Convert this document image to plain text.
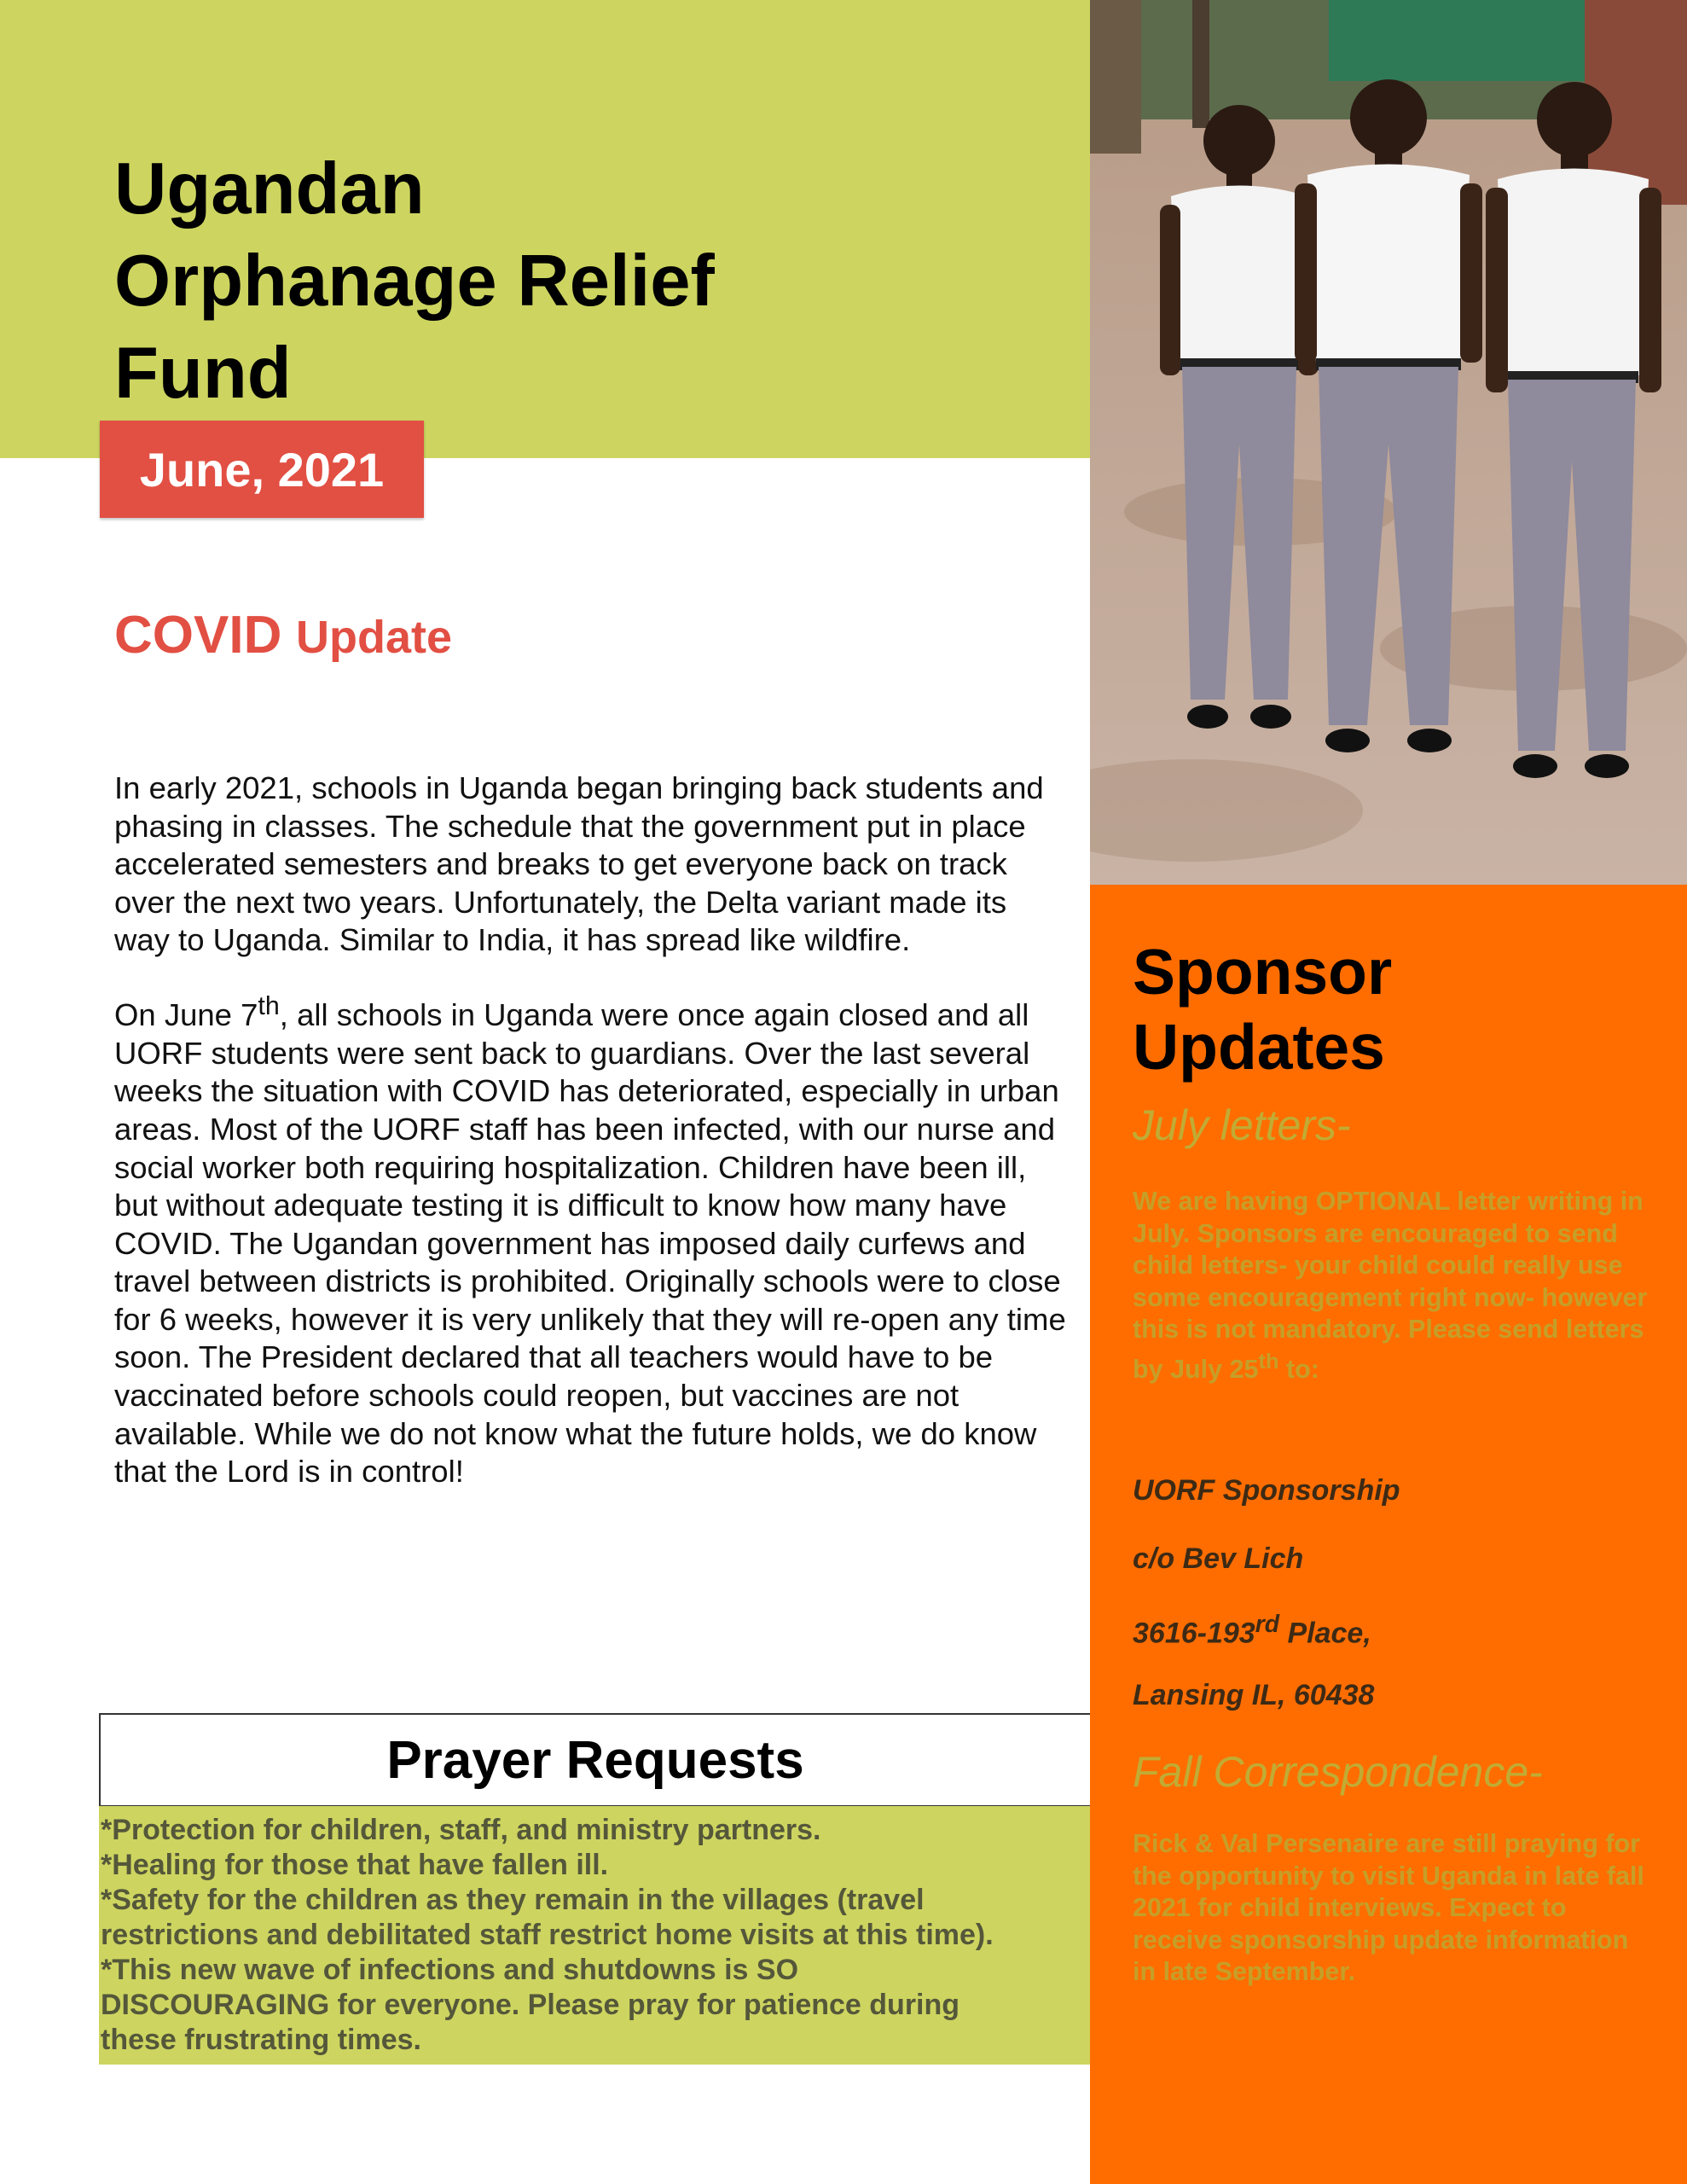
Ugandan
Orphanage Relief
Fund
June, 2021
COVID Update

In early 2021, schools in Uganda began bringing back students and phasing in classes. The schedule that the government put in place accelerated semesters and breaks to get everyone back on track over the next two years. Unfortunately, the Delta variant made its way to Uganda. Similar to India, it has spread like wildfire.

On June 7th, all schools in Uganda were once again closed and all UORF students were sent back to guardians. Over the last several weeks the situation with COVID has deteriorated, especially in urban areas. Most of the UORF staff has been infected, with our nurse and social worker both requiring hospitalization. Children have been ill, but without adequate testing it is difficult to know how many have COVID. The Ugandan government has imposed daily curfews and travel between districts is prohibited. Originally schools were to close for 6 weeks, however it is very unlikely that they will re-open any time soon. The President declared that all teachers would have to be vaccinated before schools could reopen, but vaccines are not available. While we do not know what the future holds, we do know that the Lord is in control!

Prayer Requests
*Protection for children, staff, and ministry partners.
*Healing for those that have fallen ill.
*Safety for the children as they remain in the villages (travel
restrictions and debilitated staff restrict home visits at this time).
*This new wave of infections and shutdowns is SO
DISCOURAGING for everyone. Please pray for patience during
these frustrating times.
Sponsor
Updates

July letters-

We are having OPTIONAL letter writing in July. Sponsors are encouraged to send child letters- your child could really use some encouragement right now- however this is not mandatory. Please send letters by July 25th to:
UORF Sponsorship
c/o Bev Lich
3616-193rd Place,
Lansing IL, 60438

Fall Correspondence-

Rick & Val Persenaire are still praying for the opportunity to visit Uganda in late fall 2021 for child interviews. Expect to receive sponsorship update information in late September.
